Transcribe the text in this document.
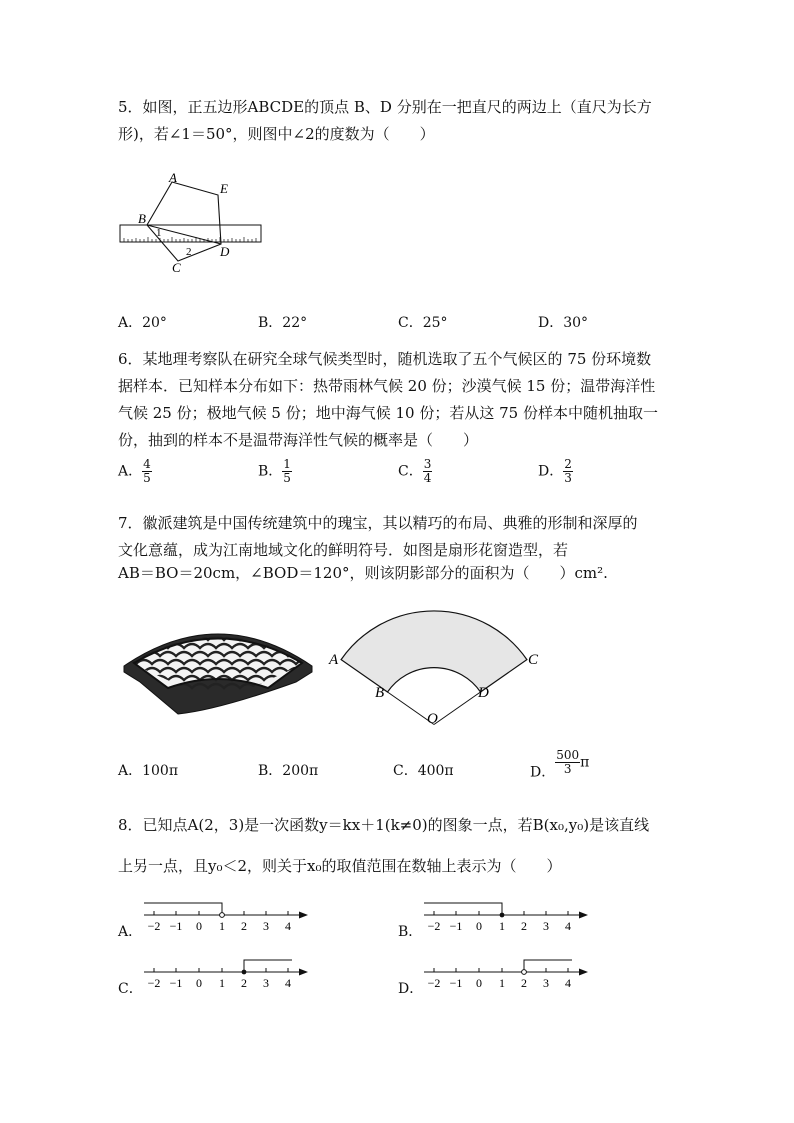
5．如图，正五边形ABCDE的顶点 B、D 分别在一把直尺的两边上（直尺为长方
形)，若∠1＝50°，则图中∠2的度数为（　　）
A
E
B
C
D
1
2
A．20°	B．22°	C．25°	D．30°
6．某地理考察队在研究全球气候类型时，随机选取了五个气候区的 75 份环境数
据样本．已知样本分布如下：热带雨林气候 20 份；沙漠气候 15 份；温带海洋性
气候 25 份；极地气候 5 份；地中海气候 10 份；若从这 75 份样本中随机抽取一
份，抽到的样本不是温带海洋性气候的概率是（　　）
A． $\frac{4}{5}$	B． $\frac{1}{5}$	C． $\frac{3}{4}$	D． $\frac{2}{3}$
7．徽派建筑是中国传统建筑中的瑰宝，其以精巧的布局、典雅的形制和深厚的
文化意蕴，成为江南地域文化的鲜明符号．如图是扇形花窗造型，若
AB＝BO＝20cm，∠BOD＝120°，则该阴影部分的面积为（　　）cm².
A	C
B	D
O
A．100π	B．200π	C．400π	D． $\frac{500}{3}$ π
8．已知点A(2，3)是一次函数y＝kx＋1(k≠0)的图象一点，若B(x₀,y₀)是该直线
上另一点，且y₀＜2，则关于x₀的取值范围在数轴上表示为（　　）
A． −2 −1 0 1 2 3 4	B． −2 −1 0 1 2 3 4
C． −2 −1 0 1 2 3 4	D． −2 −1 0 1 2 3 4
